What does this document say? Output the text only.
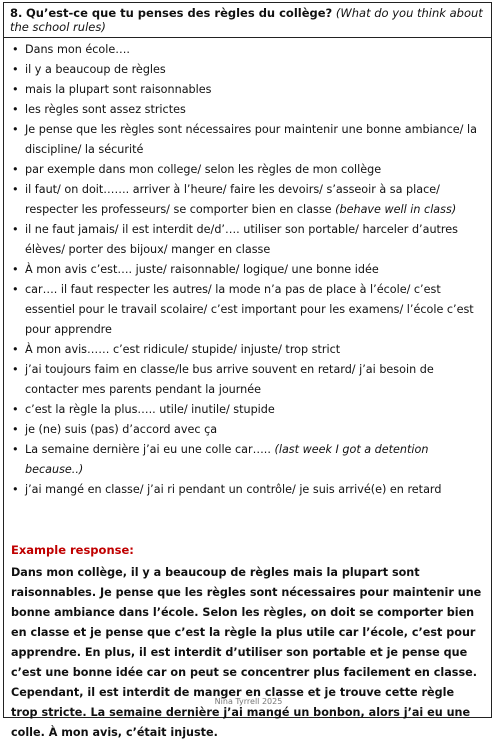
8. Qu’est-ce que tu penses des règles du collège? (What do you think about the school rules)
• Dans mon école….
• il y a beaucoup de règles
• mais la plupart sont raisonnables
• les règles sont assez strictes
• Je pense que les règles sont nécessaires pour maintenir une bonne ambiance/ la discipline/ la sécurité
• par exemple dans mon college/ selon les règles de mon collège
• il faut/ on doit……. arriver à l’heure/ faire les devoirs/ s’asseoir à sa place/ respecter les professeurs/ se comporter bien en classe (behave well in class)
• il ne faut jamais/ il est interdit de/d’…. utiliser son portable/ harceler d’autres élèves/ porter des bijoux/ manger en classe
• À mon avis c’est…. juste/ raisonnable/ logique/ une bonne idée
• car…. il faut respecter les autres/ la mode n’a pas de place à l’école/ c’est essentiel pour le travail scolaire/ c’est important pour les examens/ l’école c’est pour apprendre
• À mon avis…… c’est ridicule/ stupide/ injuste/ trop strict
• j’ai toujours faim en classe/le bus arrive souvent en retard/ j’ai besoin de contacter mes parents pendant la journée
• c’est la règle la plus….. utile/ inutile/ stupide
• je (ne) suis (pas) d’accord avec ça
• La semaine dernière j’ai eu une colle car….. (last week I got a detention because..)
• j’ai mangé en classe/ j’ai ri pendant un contrôle/ je suis arrivé(e) en retard
Example response:
Dans mon collège, il y a beaucoup de règles mais la plupart sont raisonnables. Je pense que les règles sont nécessaires pour maintenir une bonne ambiance dans l’école. Selon les règles, on doit se comporter bien en classe et je pense que c’est la règle la plus utile car l’école, c’est pour apprendre. En plus, il est interdit d’utiliser son portable et je pense que c’est une bonne idée car on peut se concentrer plus facilement en classe. Cependant, il est interdit de manger en classe et je trouve cette règle trop stricte. La semaine dernière j’ai mangé un bonbon, alors j’ai eu une colle. À mon avis, c’était injuste.
Nina Tyrrell 2025
